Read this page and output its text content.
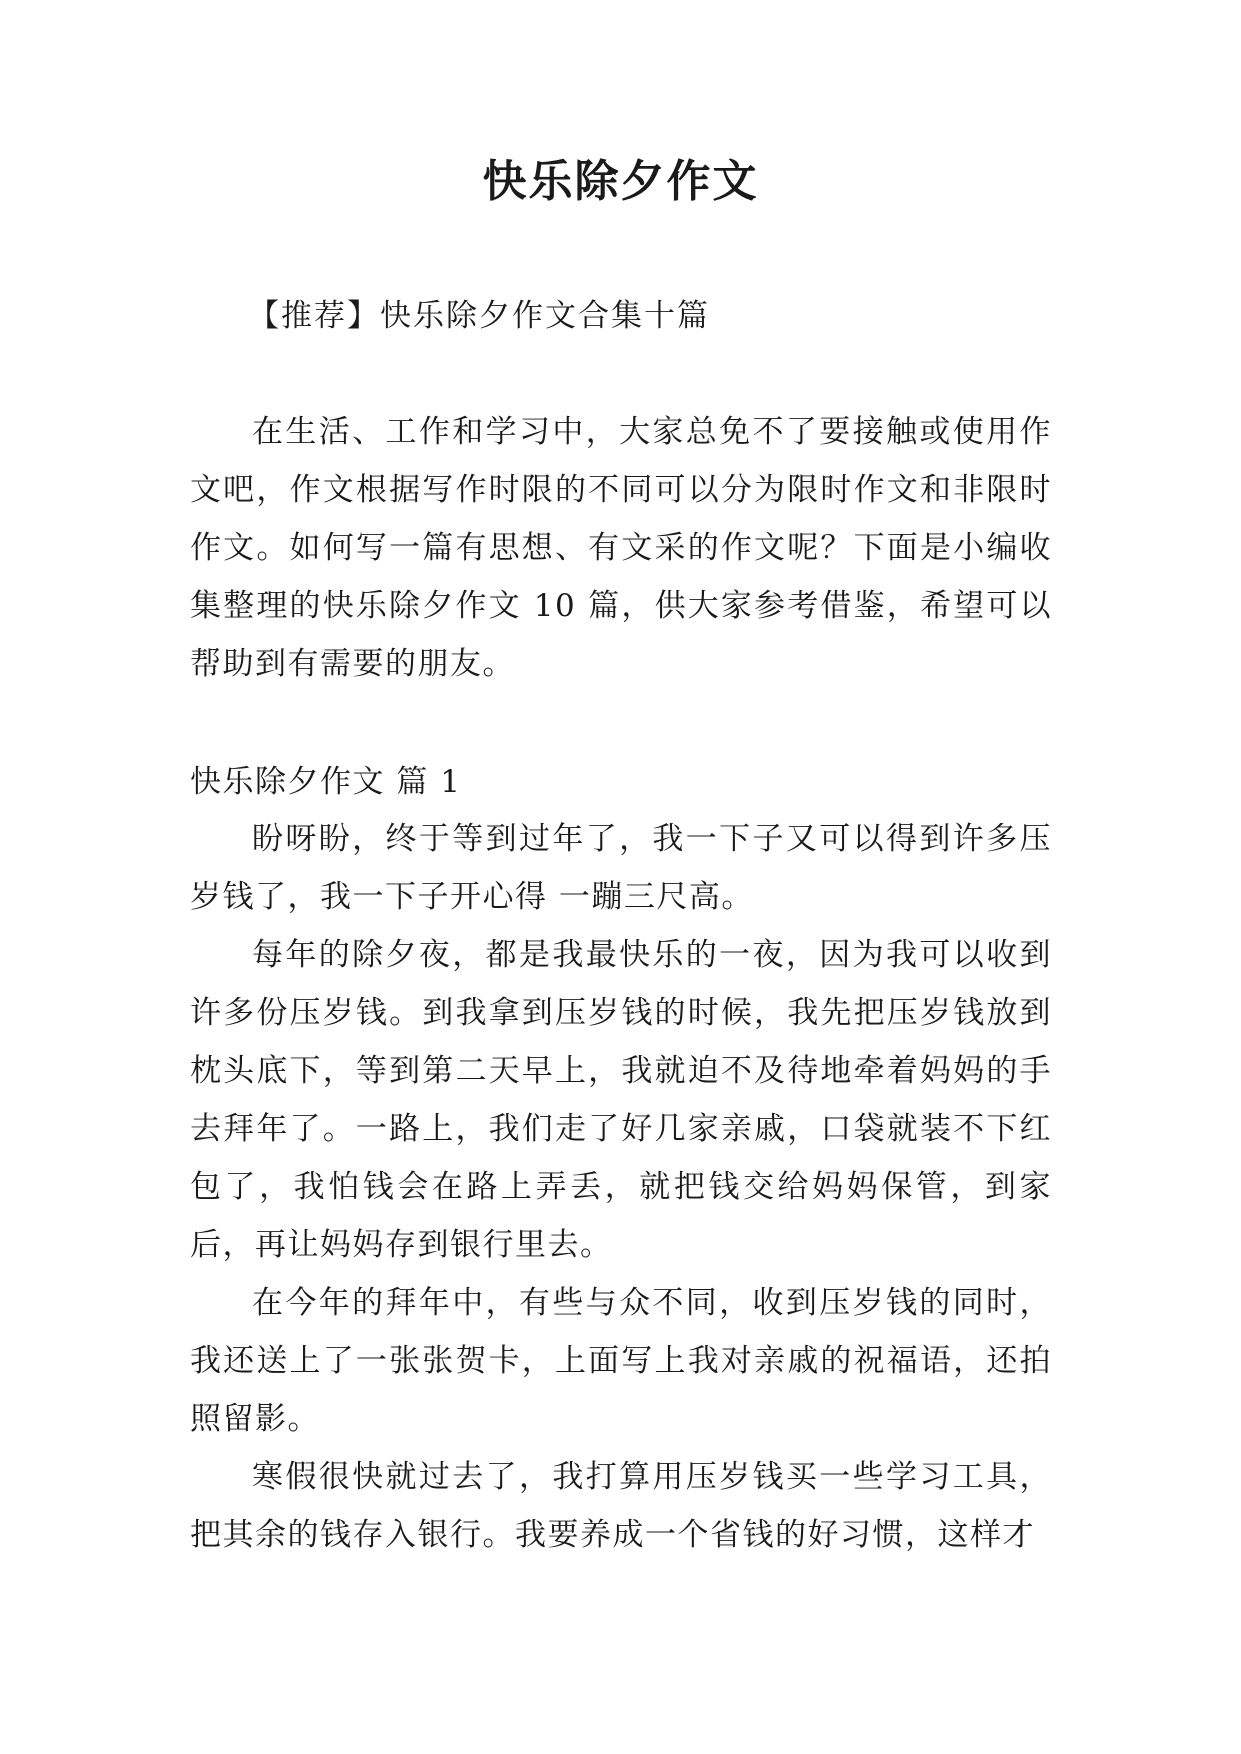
快乐除夕作文
【推荐】快乐除夕作文合集十篇

在生活、工作和学习中，大家总免不了要接触或使用作文吧，作文根据写作时限的不同可以分为限时作文和非限时作文。如何写一篇有思想、有文采的作文呢？下面是小编收集整理的快乐除夕作文 10 篇，供大家参考借鉴，希望可以帮助到有需要的朋友。

快乐除夕作文 篇 1

盼呀盼，终于等到过年了，我一下子又可以得到许多压岁钱了，我一下子开心得 一蹦三尺高。

每年的除夕夜，都是我最快乐的一夜，因为我可以收到许多份压岁钱。到我拿到压岁钱的时候，我先把压岁钱放到枕头底下，等到第二天早上，我就迫不及待地牵着妈妈的手去拜年了。一路上，我们走了好几家亲戚，口袋就装不下红包了，我怕钱会在路上弄丢，就把钱交给妈妈保管，到家后，再让妈妈存到银行里去。

在今年的拜年中，有些与众不同，收到压岁钱的同时，我还送上了一张张贺卡，上面写上我对亲戚的祝福语，还拍照留影。

寒假很快就过去了，我打算用压岁钱买一些学习工具，把其余的钱存入银行。我要养成一个省钱的好习惯，这样才
